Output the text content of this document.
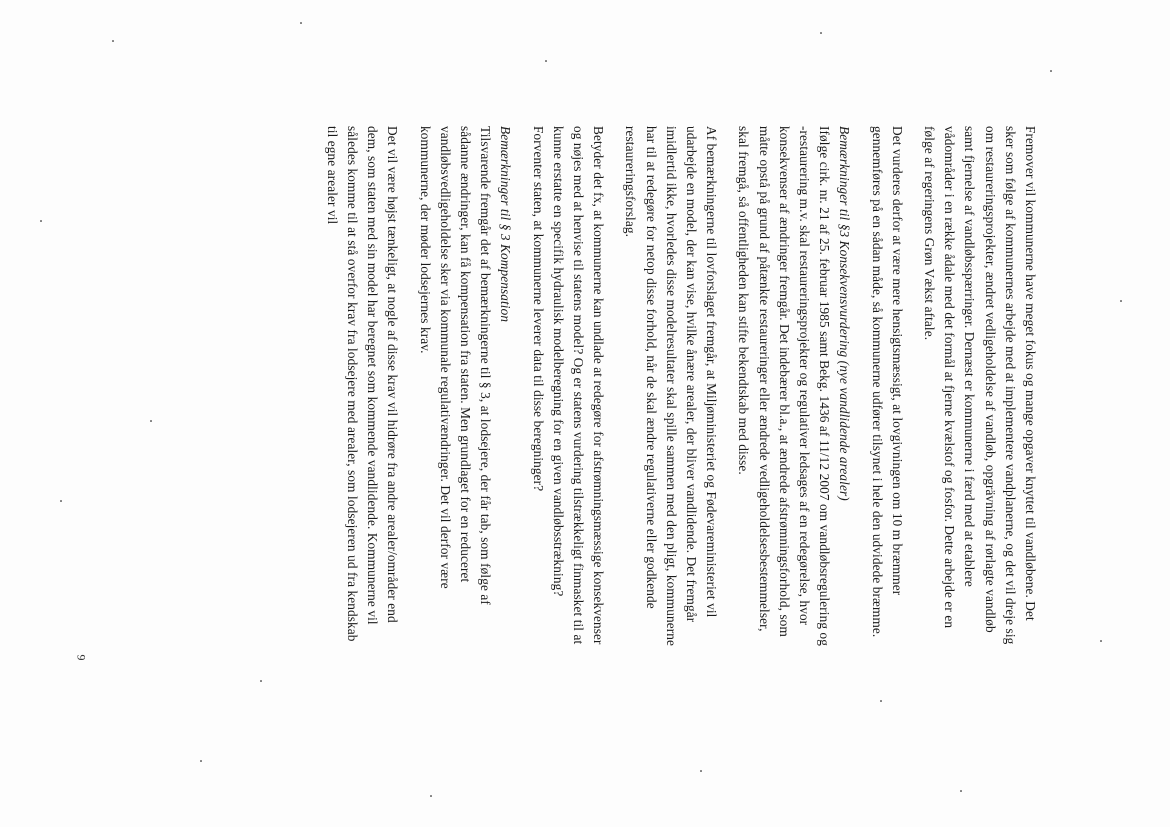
Fremover vil kommunerne have meget fokus og mange opgaver knyttet til vandløbene. Det sker som følge af kommunernes arbejde med at implementere vandplanerne, og det vil dreje sig om restaureringsprojekter, ændret vedligeholdelse af vandløb, opgrävning af rørlagte vandløb samt fjernelse af vandløbsspærringer. Dernæst er kommunerne i færd med at etablere vådområder i en række ådale med det formål at fjerne kvælstof og fosfor. Dette arbejde er en følge af regeringens Grøn Vækst aftale.

Det vurderes derfor at være mere hensigtsmæssigt, at lovgivningen om 10 m bræmmer gennemføres på en sådan måde, så kommunerne udfører tilsynet i hele den udvidede bræmme.

Bemærkninger til §3 Konsekvensvurdering (nye vandlidende arealer)
Ifølge cirk. nr. 21 af 25. februar 1985 samt Bekg. 1436 af 11/12 2007 om vandløbsregulering og -restaurering m.v. skal restaureringsprojekter og regulativer ledsages af en redegørelse, hvor konsekvenser af ændringer fremgår. Det indebærer bl.a., at ændrede afstrømningsforhold, som måtte opstå på grund af påtænkte restaureringer eller ændrede vedligeholdelsesbestemmelser, skal fremgå, så offentligheden kan stifte bekendtskab med disse.

Af bemærkningerne til lovforslaget fremgår, at Miljøministeriet og Fødevareministeriet vil udarbejde en model, der kan vise, hvilke ånære arealer, der bliver vandlidende. Det fremgår imidlertid ikke, hvorledes disse modelresultater skal spille sammen med den pligt, kommunerne har til at redegøre for netop disse forhold, når de skal ændre regulativerne eller godkende restaureringsforslag.

Betyder det fx, at kommunerne kan undlade at redegøre for afstrømningsmæssige konsekvenser og nøjes med at henvise til statens model? Og er statens vurdering tilstrækkeligt finmasket til at kunne erstatte en specifik hydraulisk modelberegning for en given vandløbsstrækning? Forventer staten, at kommunerne leverer data til disse beregninger?

Bemærkninger til § 3 Kompensation
Tilsvarende fremgår det af bemærkningerne til § 3, at lodsejere, der får tab, som følge af sådanne ændringer, kan få kompensation fra staten. Men grundlaget for en reduceret vandløbsvedligeholdelse sker via kommunale regulativændringer. Det vil derfor være kommunerne, der møder lodsejernes krav.

Det vil være højst tænkeligt, at nogle af disse krav vil hidrøre fra andre arealer/områder end dem, som staten med sin model har beregnet som kommende vandlidende. Kommunerne vil således komme til at stå overfor krav fra lodsejere med arealer, som lodsejeren ud fra kendskab til egne arealer vil

9
